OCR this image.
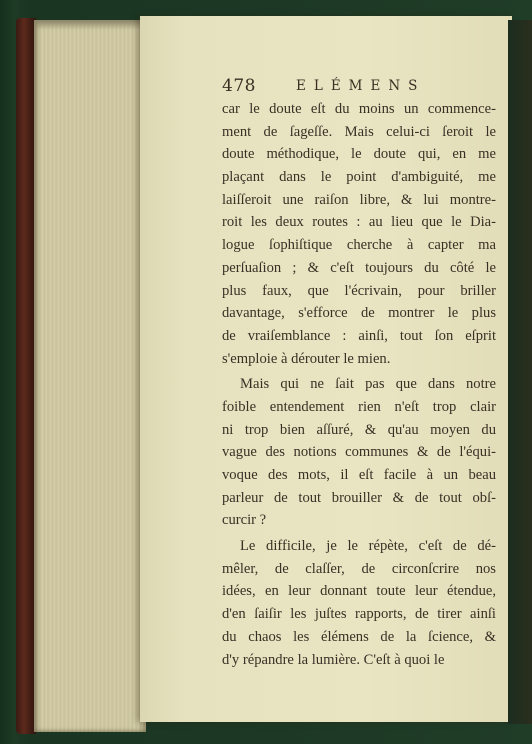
478	ELÉMENS
car le doute eſt du moins un commence-
ment de ſageſſe. Mais celui-ci ſeroit le
doute méthodique, le doute qui, en me
plaçant dans le point d'ambiguité, me
laiſſeroit une raiſon libre, & lui montre-
roit les deux routes : au lieu que le Dia-
logue ſophiſtique cherche à capter ma
perſuaſion ; & c'eſt toujours du côté le
plus faux, que l'écrivain, pour briller
davantage, s'efforce de montrer le plus
de vraiſemblance : ainſi, tout ſon eſprit
s'emploie à dérouter le mien.
Mais qui ne ſait pas que dans notre
foible entendement rien n'eſt trop clair
ni trop bien aſſuré, & qu'au moyen du
vague des notions communes & de l'équi-
voque des mots, il eſt facile à un beau
parleur de tout brouiller & de tout obſ-
curcir ?
Le difficile, je le répète, c'eſt de dé-
mêler, de claſſer, de circonſcrire nos
idées, en leur donnant toute leur étendue,
d'en ſaiſir les juſtes rapports, de tirer ainſi
du chaos les élémens de la ſcience, &
d'y répandre la lumière. C'eſt à quoi le
